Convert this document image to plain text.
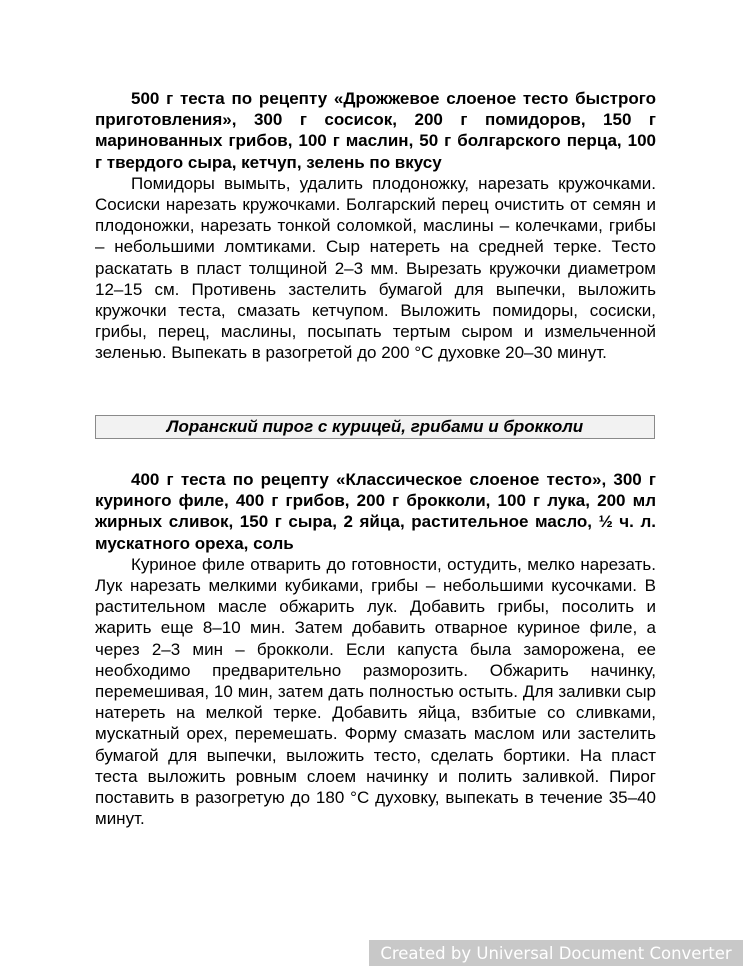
500 г теста по рецепту «Дрожжевое слоеное тесто быстрого приготовления», 300 г сосисок, 200 г помидоров, 150 г маринованных грибов, 100 г маслин, 50 г болгарского перца, 100 г твердого сыра, кетчуп, зелень по вкусу

Помидоры вымыть, удалить плодоножку, нарезать кружочками. Сосиски нарезать кружочками. Болгарский перец очистить от семян и плодоножки, нарезать тонкой соломкой, маслины – колечками, грибы – небольшими ломтиками. Сыр натереть на средней терке. Тесто раскатать в пласт толщиной 2–3 мм. Вырезать кружочки диаметром 12–15 см. Противень застелить бумагой для выпечки, выложить кружочки теста, смазать кетчупом. Выложить помидоры, сосиски, грибы, перец, маслины, посыпать тертым сыром и измельченной зеленью. Выпекать в разогретой до 200 °С духовке 20–30 минут.

Лоранский пирог с курицей, грибами и брокколи

400 г теста по рецепту «Классическое слоеное тесто», 300 г куриного филе, 400 г грибов, 200 г брокколи, 100 г лука, 200 мл жирных сливок, 150 г сыра, 2 яйца, растительное масло, ½ ч. л. мускатного ореха, соль

Куриное филе отварить до готовности, остудить, мелко нарезать. Лук нарезать мелкими кубиками, грибы – небольшими кусочками. В растительном масле обжарить лук. Добавить грибы, посолить и жарить еще 8–10 мин. Затем добавить отварное куриное филе, а через 2–3 мин – брокколи. Если капуста была заморожена, ее необходимо предварительно разморозить. Обжарить начинку, перемешивая, 10 мин, затем дать полностью остыть. Для заливки сыр натереть на мелкой терке. Добавить яйца, взбитые со сливками, мускатный орех, перемешать. Форму смазать маслом или застелить бумагой для выпечки, выложить тесто, сделать бортики. На пласт теста выложить ровным слоем начинку и полить заливкой. Пирог поставить в разогретую до 180 °С духовку, выпекать в течение 35–40 минут.

Created by Universal Document Converter
